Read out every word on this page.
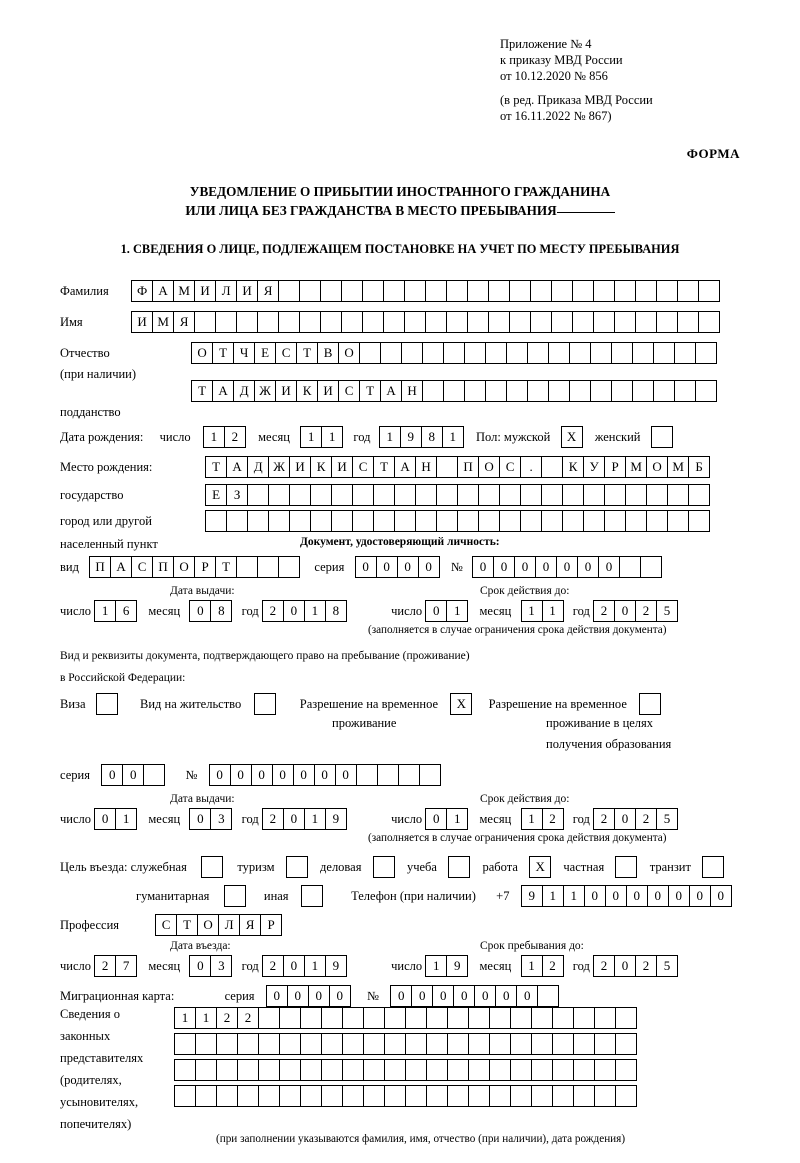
Приложение № 4
к приказу МВД России
от 10.12.2020 № 856
(в ред. Приказа МВД России
от 16.11.2022 № 867)
ФОРМА
УВЕДОМЛЕНИЕ О ПРИБЫТИИ ИНОСТРАННОГО ГРАЖДАНИНА
ИЛИ ЛИЦА БЕЗ ГРАЖДАНСТВА В МЕСТО ПРЕБЫВАНИЯ
1. СВЕДЕНИЯ О ЛИЦЕ, ПОДЛЕЖАЩЕМ ПОСТАНОВКЕ НА УЧЕТ ПО МЕСТУ ПРЕБЫВАНИЯ
Фамилия Ф А М И Л И Я
Имя	И М Я
Отчество	О Т Ч Е С Т В О
(при наличии)
Т А Д Ж И К И С Т А Н
подданство
Дата рождения: число 1 2 месяц 1 1 год 1 9 8 1 Пол: мужской X женский
Место рождения:	Т А Д Ж И К И С Т А Н	П О С .	К У Р М О М Б
государство	Е З
город или другой
населенный пункт	Документ, удостоверяющий личность:
вид П А С П О Р Т	серия 0 0 0 0 № 0 0 0 0 0 0 0
Дата выдачи:	Срок действия до:
число 1 6 месяц 0 8 год 2 0 1 8	число 0 1 месяц 1 1 год 2 0 2 5
(заполняется в случае ограничения срока действия документа)
Вид и реквизиты документа, подтверждающего право на пребывание (проживание)
в Российской Федерации:
Виза	Вид на жительство	Разрешение на временное X Разрешение на временное
проживание	проживание в целях
получения образования
серия 0 0	№ 0 0 0 0 0 0 0
Дата выдачи:	Срок действия до:
число 0 1 месяц 0 3 год 2 0 1 9	число 0 1 месяц 1 2 год 2 0 2 5
(заполняется в случае ограничения срока действия документа)
Цель въезда: служебная	туризм	деловая	учеба	работа X частная	транзит
гуманитарная	иная	Телефон (при наличии) +7 9 1 1 0 0 0 0 0 0 0
Профессия	С Т О Л Я Р
Дата въезда:	Срок пребывания до:
число 2 7 месяц 0 3 год 2 0 1 9	число 1 9 месяц 1 2 год 2 0 2 5
Миграционная карта:	серия 0 0 0 0 № 0 0 0 0 0 0 0
Сведения о
законных
представителях
(родителях,
усыновителях,
попечителях)
1 1 2 2
(при заполнении указываются фамилия, имя, отчество (при наличии), дата рождения)
